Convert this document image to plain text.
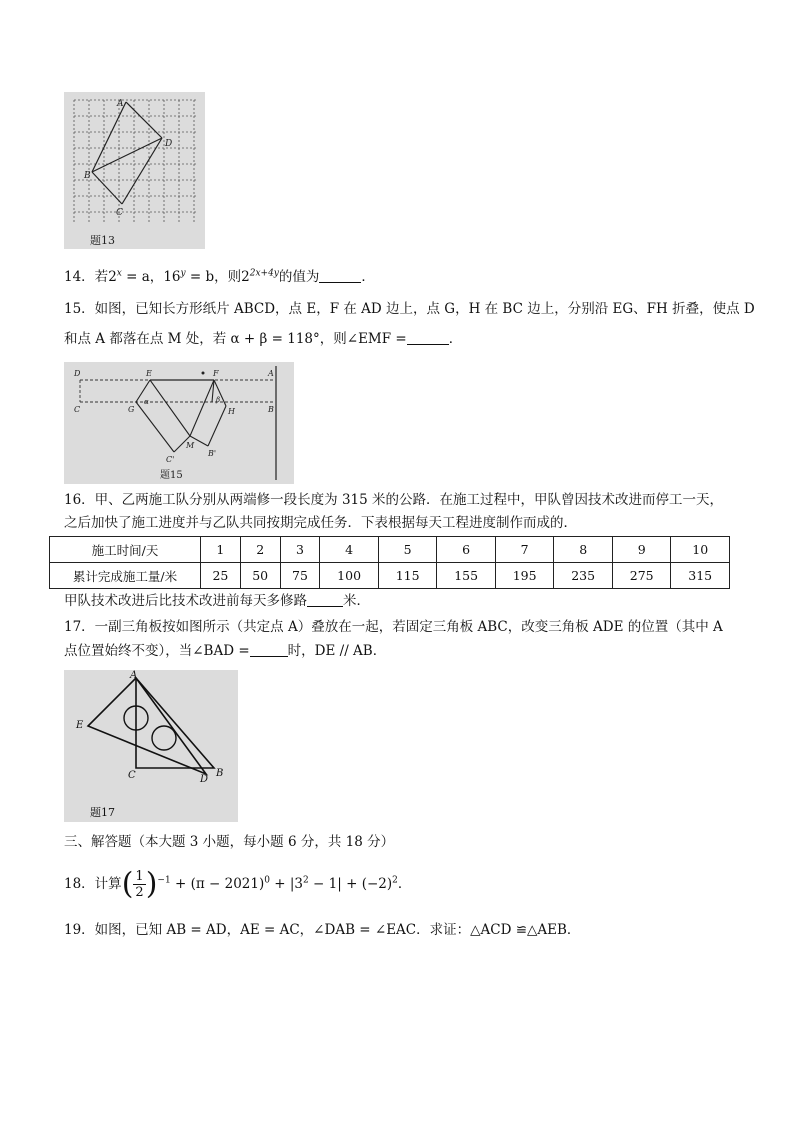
A
D
B
C
题13
14．若$2^x = a$，$16^y = b$，则$2^{2x+4y}$的值为	．
15．如图，已知长方形纸片 ABCD，点 E，F 在 AD 边上，点 G，H 在 BC 边上，分别沿 EG、FH 折叠，使点 D
和点 A 都落在点 M 处，若 α + β = 118°，则∠EMF =	．
D	E	F	A
C	G
α	β
H	B
M
C'
B'
题15
16．甲、乙两施工队分别从两端修一段长度为 315 米的公路．在施工过程中，甲队曾因技术改进而停工一天，
之后加快了施工进度并与乙队共同按期完成任务．下表根据每天工程进度制作而成的．
施工时间/天	1	2	3	4	5	6	7	8	9	10
累计完成施工量/米	25	50	75	100	115	155	195	235	275	315
甲队技术改进后比技术改进前每天多修路	米．
17．一副三角板按如图所示（共定点 A）叠放在一起，若固定三角板 ABC，改变三角板 ADE 的位置（其中 A
点位置始终不变），当∠BAD =	时，DE // AB．
A
E
C	D
B
题17
三、解答题（本大题 3 小题，每小题 6 分，共 18 分）
18．计算( $\frac{1}{2} )^{-1} + (\pi - 2021)^0 + |3^2 - 1| + (-2)^2$．
19．如图，已知 AB = AD，AE = AC，∠DAB = ∠EAC．求证：△ACD ≌△AEB．
